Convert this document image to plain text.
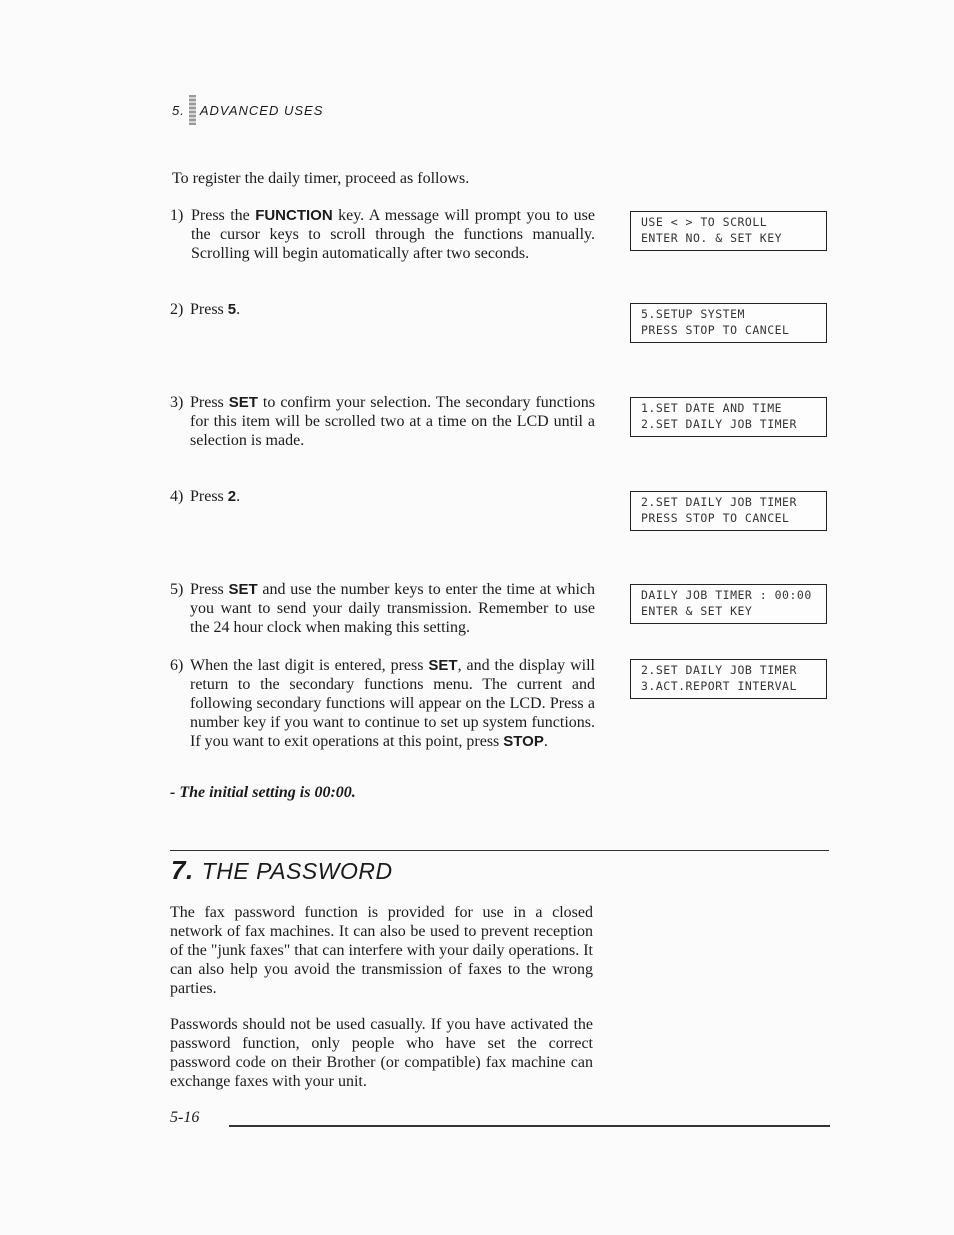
5. ADVANCED USES
To register the daily timer, proceed as follows.
1) Press the FUNCTION key. A message will prompt you to use the cursor keys to scroll through the functions manually. Scrolling will begin automatically after two seconds.
USE < > TO SCROLL
ENTER NO. & SET KEY
2) Press 5.	5.SETUP SYSTEM
PRESS STOP TO CANCEL
3) Press SET to confirm your selection. The secondary functions for this item will be scrolled two at a time on the LCD until a selection is made.
1.SET DATE AND TIME
2.SET DAILY JOB TIMER
4) Press 2.	2.SET DAILY JOB TIMER
PRESS STOP TO CANCEL
5) Press SET and use the number keys to enter the time at which you want to send your daily transmission. Remember to use the 24 hour clock when making this setting.
DAILY JOB TIMER : 00:00
ENTER & SET KEY
6) When the last digit is entered, press SET, and the display will return to the secondary functions menu. The current and following secondary functions will appear on the LCD. Press a number key if you want to continue to set up system functions. If you want to exit operations at this point, press STOP.
2.SET DAILY JOB TIMER
3.ACT.REPORT INTERVAL
- The initial setting is 00:00.
7. THE PASSWORD
The fax password function is provided for use in a closed network of fax machines. It can also be used to prevent reception of the "junk faxes" that can interfere with your daily operations. It can also help you avoid the transmission of faxes to the wrong parties.
Passwords should not be used casually. If you have activated the password function, only people who have set the correct password code on their Brother (or compatible) fax machine can exchange faxes with your unit.
5-16
